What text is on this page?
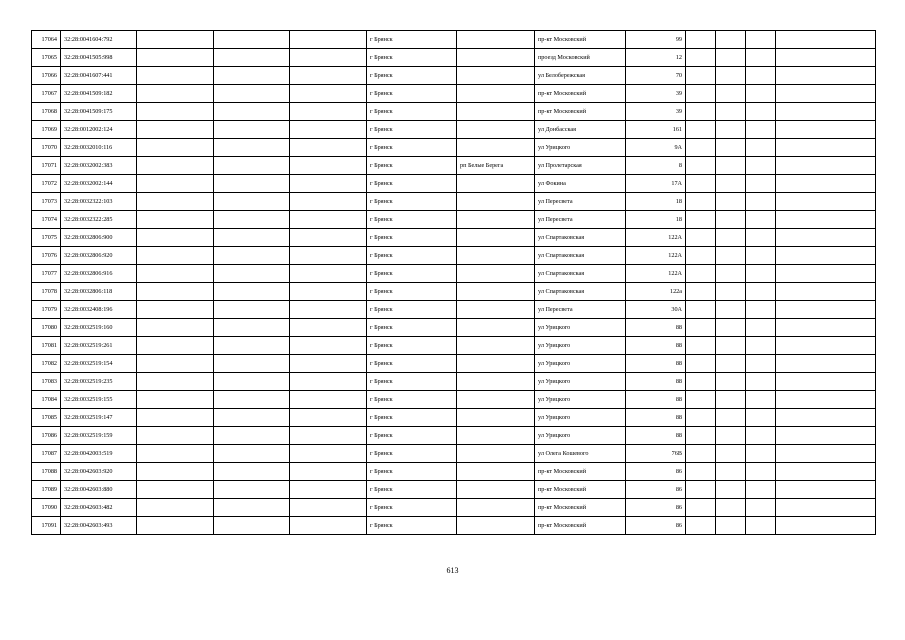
17064	32:28:0041604:792				г Брянск		пр-кт Московский	99				
17065	32:28:0041505:998				г Брянск		проезд Московский	12				
17066	32:28:0041607:441				г Брянск		ул Белобережская	70				
17067	32:28:0041509:182				г Брянск		пр-кт Московский	39				
17068	32:28:0041509:175				г Брянск		пр-кт Московский	39				
17069	32:28:0012002:124				г Брянск		ул Донбасская	161				
17070	32:28:0032010:116				г Брянск		ул Урицкого	9А				
17071	32:28:0032002:383				г Брянск	рп Белые Берега	ул Пролетарская	8				
17072	32:28:0032002:144				г Брянск		ул Фокина	17А				
17073	32:28:0032322:103				г Брянск		ул Пересвета	18				
17074	32:28:0032322:285				г Брянск		ул Пересвета	18				
17075	32:28:0032806:900				г Брянск		ул Спартаковская	122А				
17076	32:28:0032806:920				г Брянск		ул Спартаковская	122А				
17077	32:28:0032806:916				г Брянск		ул Спартаковская	122А				
17078	32:28:0032806:118				г Брянск		ул Спартаковская	122а				
17079	32:28:0032408:196				г Брянск		ул Пересвета	30А				
17080	32:28:0032519:160				г Брянск		ул Урицкого	88				
17081	32:28:0032519:261				г Брянск		ул Урицкого	88				
17082	32:28:0032519:154				г Брянск		ул Урицкого	88				
17083	32:28:0032519:235				г Брянск		ул Урицкого	88				
17084	32:28:0032519:155				г Брянск		ул Урицкого	88				
17085	32:28:0032519:147				г Брянск		ул Урицкого	88				
17086	32:28:0032519:159				г Брянск		ул Урицкого	88				
17087	32:28:0042003:519				г Брянск		ул Олега Кошевого	76В				
17088	32:28:0042603:920				г Брянск		пр-кт Московский	86				
17089	32:28:0042603:880				г Брянск		пр-кт Московский	86				
17090	32:28:0042603:482				г Брянск		пр-кт Московский	86				
17091	32:28:0042603:493				г Брянск		пр-кт Московский	86				
613
